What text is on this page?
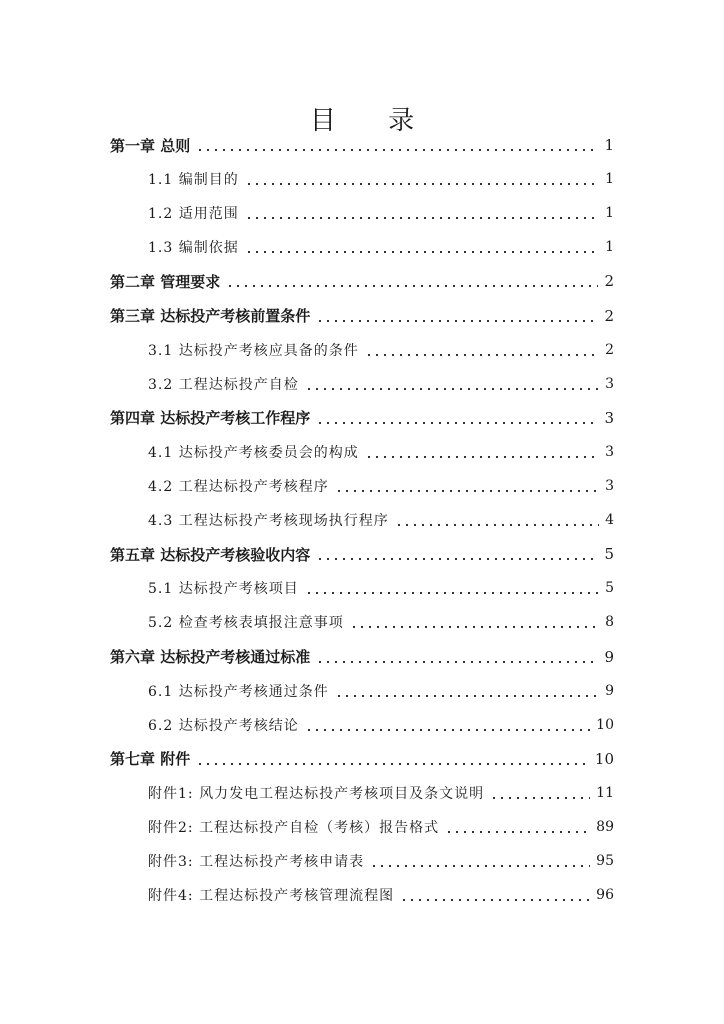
目 录
第一章 总则	1
1.1 编制目的	1
1.2 适用范围	1
1.3 编制依据	1
第二章 管理要求	2
第三章 达标投产考核前置条件	2
3.1 达标投产考核应具备的条件	2
3.2 工程达标投产自检	3
第四章 达标投产考核工作程序	3
4.1 达标投产考核委员会的构成	3
4.2 工程达标投产考核程序	3
4.3 工程达标投产考核现场执行程序	4
第五章 达标投产考核验收内容	5
5.1 达标投产考核项目	5
5.2 检查考核表填报注意事项	8
第六章 达标投产考核通过标准	9
6.1 达标投产考核通过条件	9
6.2 达标投产考核结论	10
第七章 附件	10
附件1: 风力发电工程达标投产考核项目及条文说明	11
附件2: 工程达标投产自检（考核）报告格式	89
附件3: 工程达标投产考核申请表	95
附件4: 工程达标投产考核管理流程图	96
